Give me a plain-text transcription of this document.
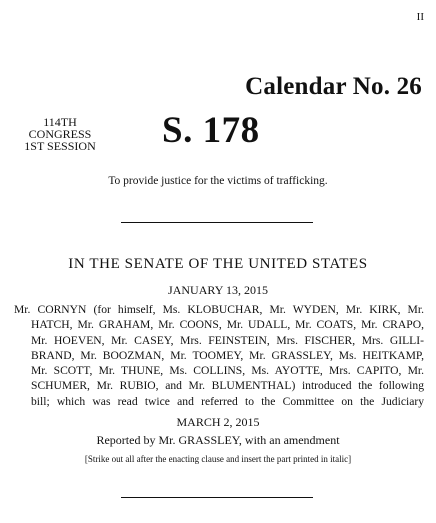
II
Calendar No. 26
114TH CONGRESS
1ST SESSION S. 178
To provide justice for the victims of trafficking.
IN THE SENATE OF THE UNITED STATES
JANUARY 13, 2015
Mr. CORNYN (for himself, Ms. KLOBUCHAR, Mr. WYDEN, Mr. KIRK, Mr.
HATCH, Mr. GRAHAM, Mr. COONS, Mr. UDALL, Mr. COATS, Mr. CRAPO,
Mr. HOEVEN, Mr. CASEY, Mrs. FEINSTEIN, Mrs. FISCHER, Mrs. GILLI-
BRAND, Mr. BOOZMAN, Mr. TOOMEY, Mr. GRASSLEY, Ms. HEITKAMP,
Mr. SCOTT, Mr. THUNE, Ms. COLLINS, Ms. AYOTTE, Mrs. CAPITO, Mr.
SCHUMER, Mr. RUBIO, and Mr. BLUMENTHAL) introduced the following
bill; which was read twice and referred to the Committee on the Judiciary
MARCH 2, 2015
Reported by Mr. GRASSLEY, with an amendment
[Strike out all after the enacting clause and insert the part printed in italic]
